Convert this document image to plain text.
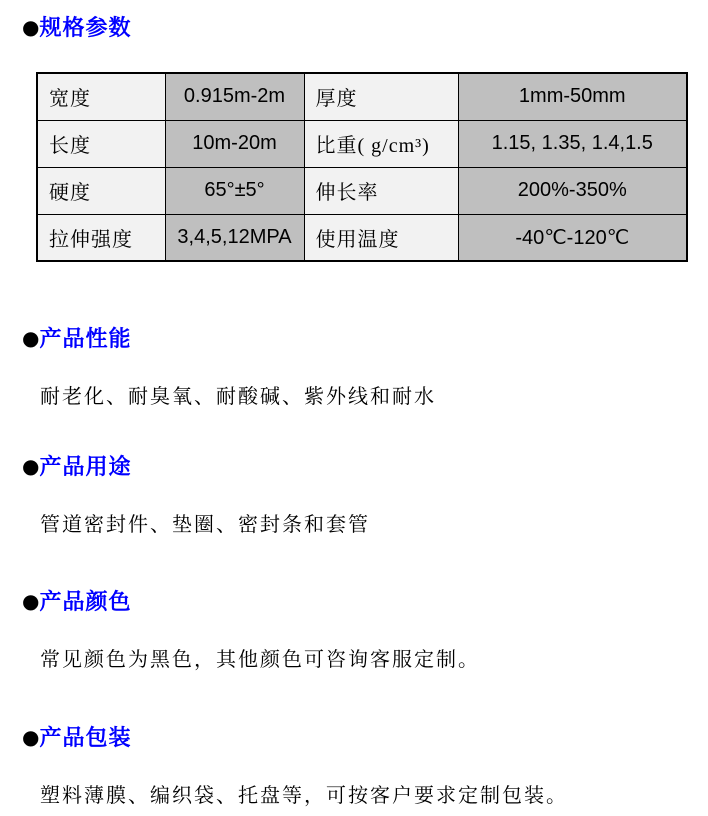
●规格参数
宽度	0.915m-2m	厚度	1mm-50mm
长度	10m-20m	比重( g/cm³)	1.15, 1.35, 1.4,1.5
硬度	65°±5°	伸长率	200%-350%
拉伸强度	3,4,5,12MPA	使用温度	-40℃-120℃
●产品性能
耐老化、耐臭氧、耐酸碱、紫外线和耐水
●产品用途
管道密封件、垫圈、密封条和套管
●产品颜色
常见颜色为黑色，其他颜色可咨询客服定制。
●产品包装
塑料薄膜、编织袋、托盘等，可按客户要求定制包装。
